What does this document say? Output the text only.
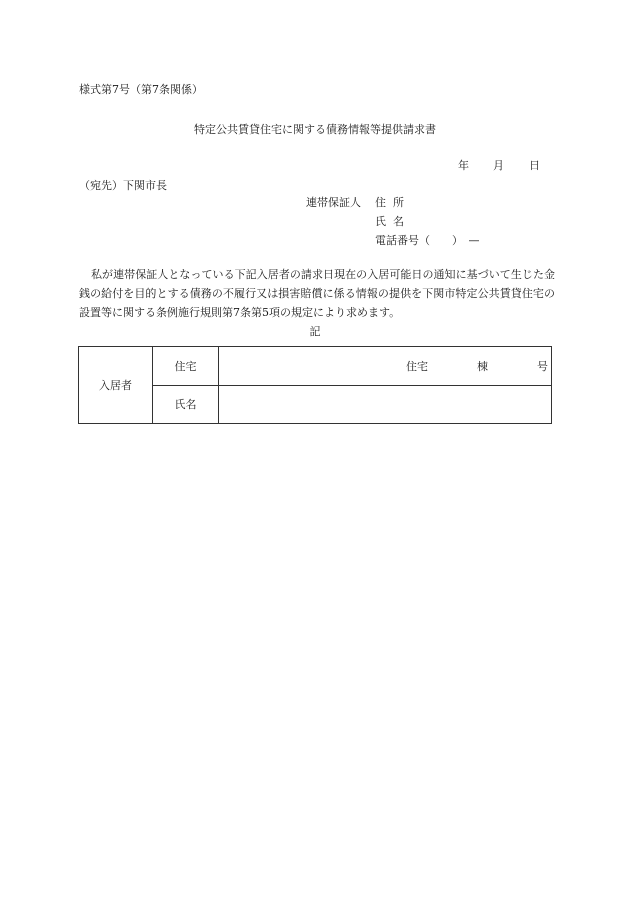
様式第7号（第7条関係）
特定公共賃貸住宅に関する債務情報等提供請求書
年 月 日
（宛先）下関市長
連帯保証人 住所
氏名
電話番号（　　）　—
私が連帯保証人となっている下記入居者の請求日現在の入居可能日の通知に基づいて生じた金銭の給付を目的とする債務の不履行又は損害賠償に係る情報の提供を下関市特定公共賃貸住宅の設置等に関する条例施行規則第7条第5項の規定により求めます。
記
入居者	住宅	住宅 棟 号

	氏名	
